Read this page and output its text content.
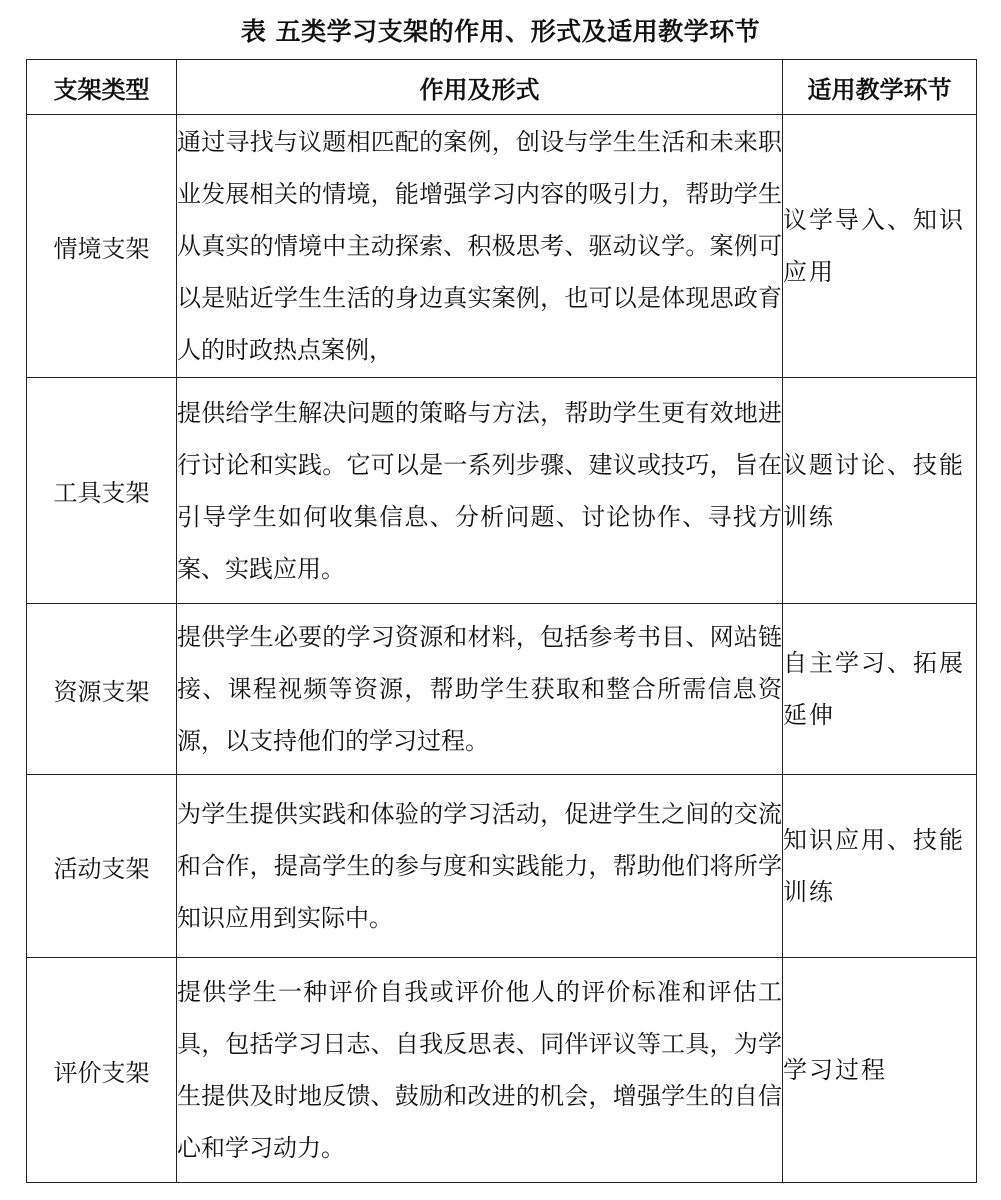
表 五类学习支架的作用、形式及适用教学环节
支架类型	作用及形式	适用教学环节
情境支架	通过寻找与议题相匹配的案例，创设与学生生活和未来职业发展相关的情境，能增强学习内容的吸引力，帮助学生从真实的情境中主动探索、积极思考、驱动议学。案例可以是贴近学生生活的身边真实案例，也可以是体现思政育人的时政热点案例，	议学导入、知识应用
工具支架	提供给学生解决问题的策略与方法，帮助学生更有效地进行讨论和实践。它可以是一系列步骤、建议或技巧，旨在引导学生如何收集信息、分析问题、讨论协作、寻找方案、实践应用。	议题讨论、技能训练
资源支架	提供学生必要的学习资源和材料，包括参考书目、网站链接、课程视频等资源，帮助学生获取和整合所需信息资源，以支持他们的学习过程。	自主学习、拓展延伸
活动支架	为学生提供实践和体验的学习活动，促进学生之间的交流和合作，提高学生的参与度和实践能力，帮助他们将所学知识应用到实际中。	知识应用、技能训练
评价支架	提供学生一种评价自我或评价他人的评价标准和评估工具，包括学习日志、自我反思表、同伴评议等工具，为学生提供及时地反馈、鼓励和改进的机会，增强学生的自信心和学习动力。	学习过程
